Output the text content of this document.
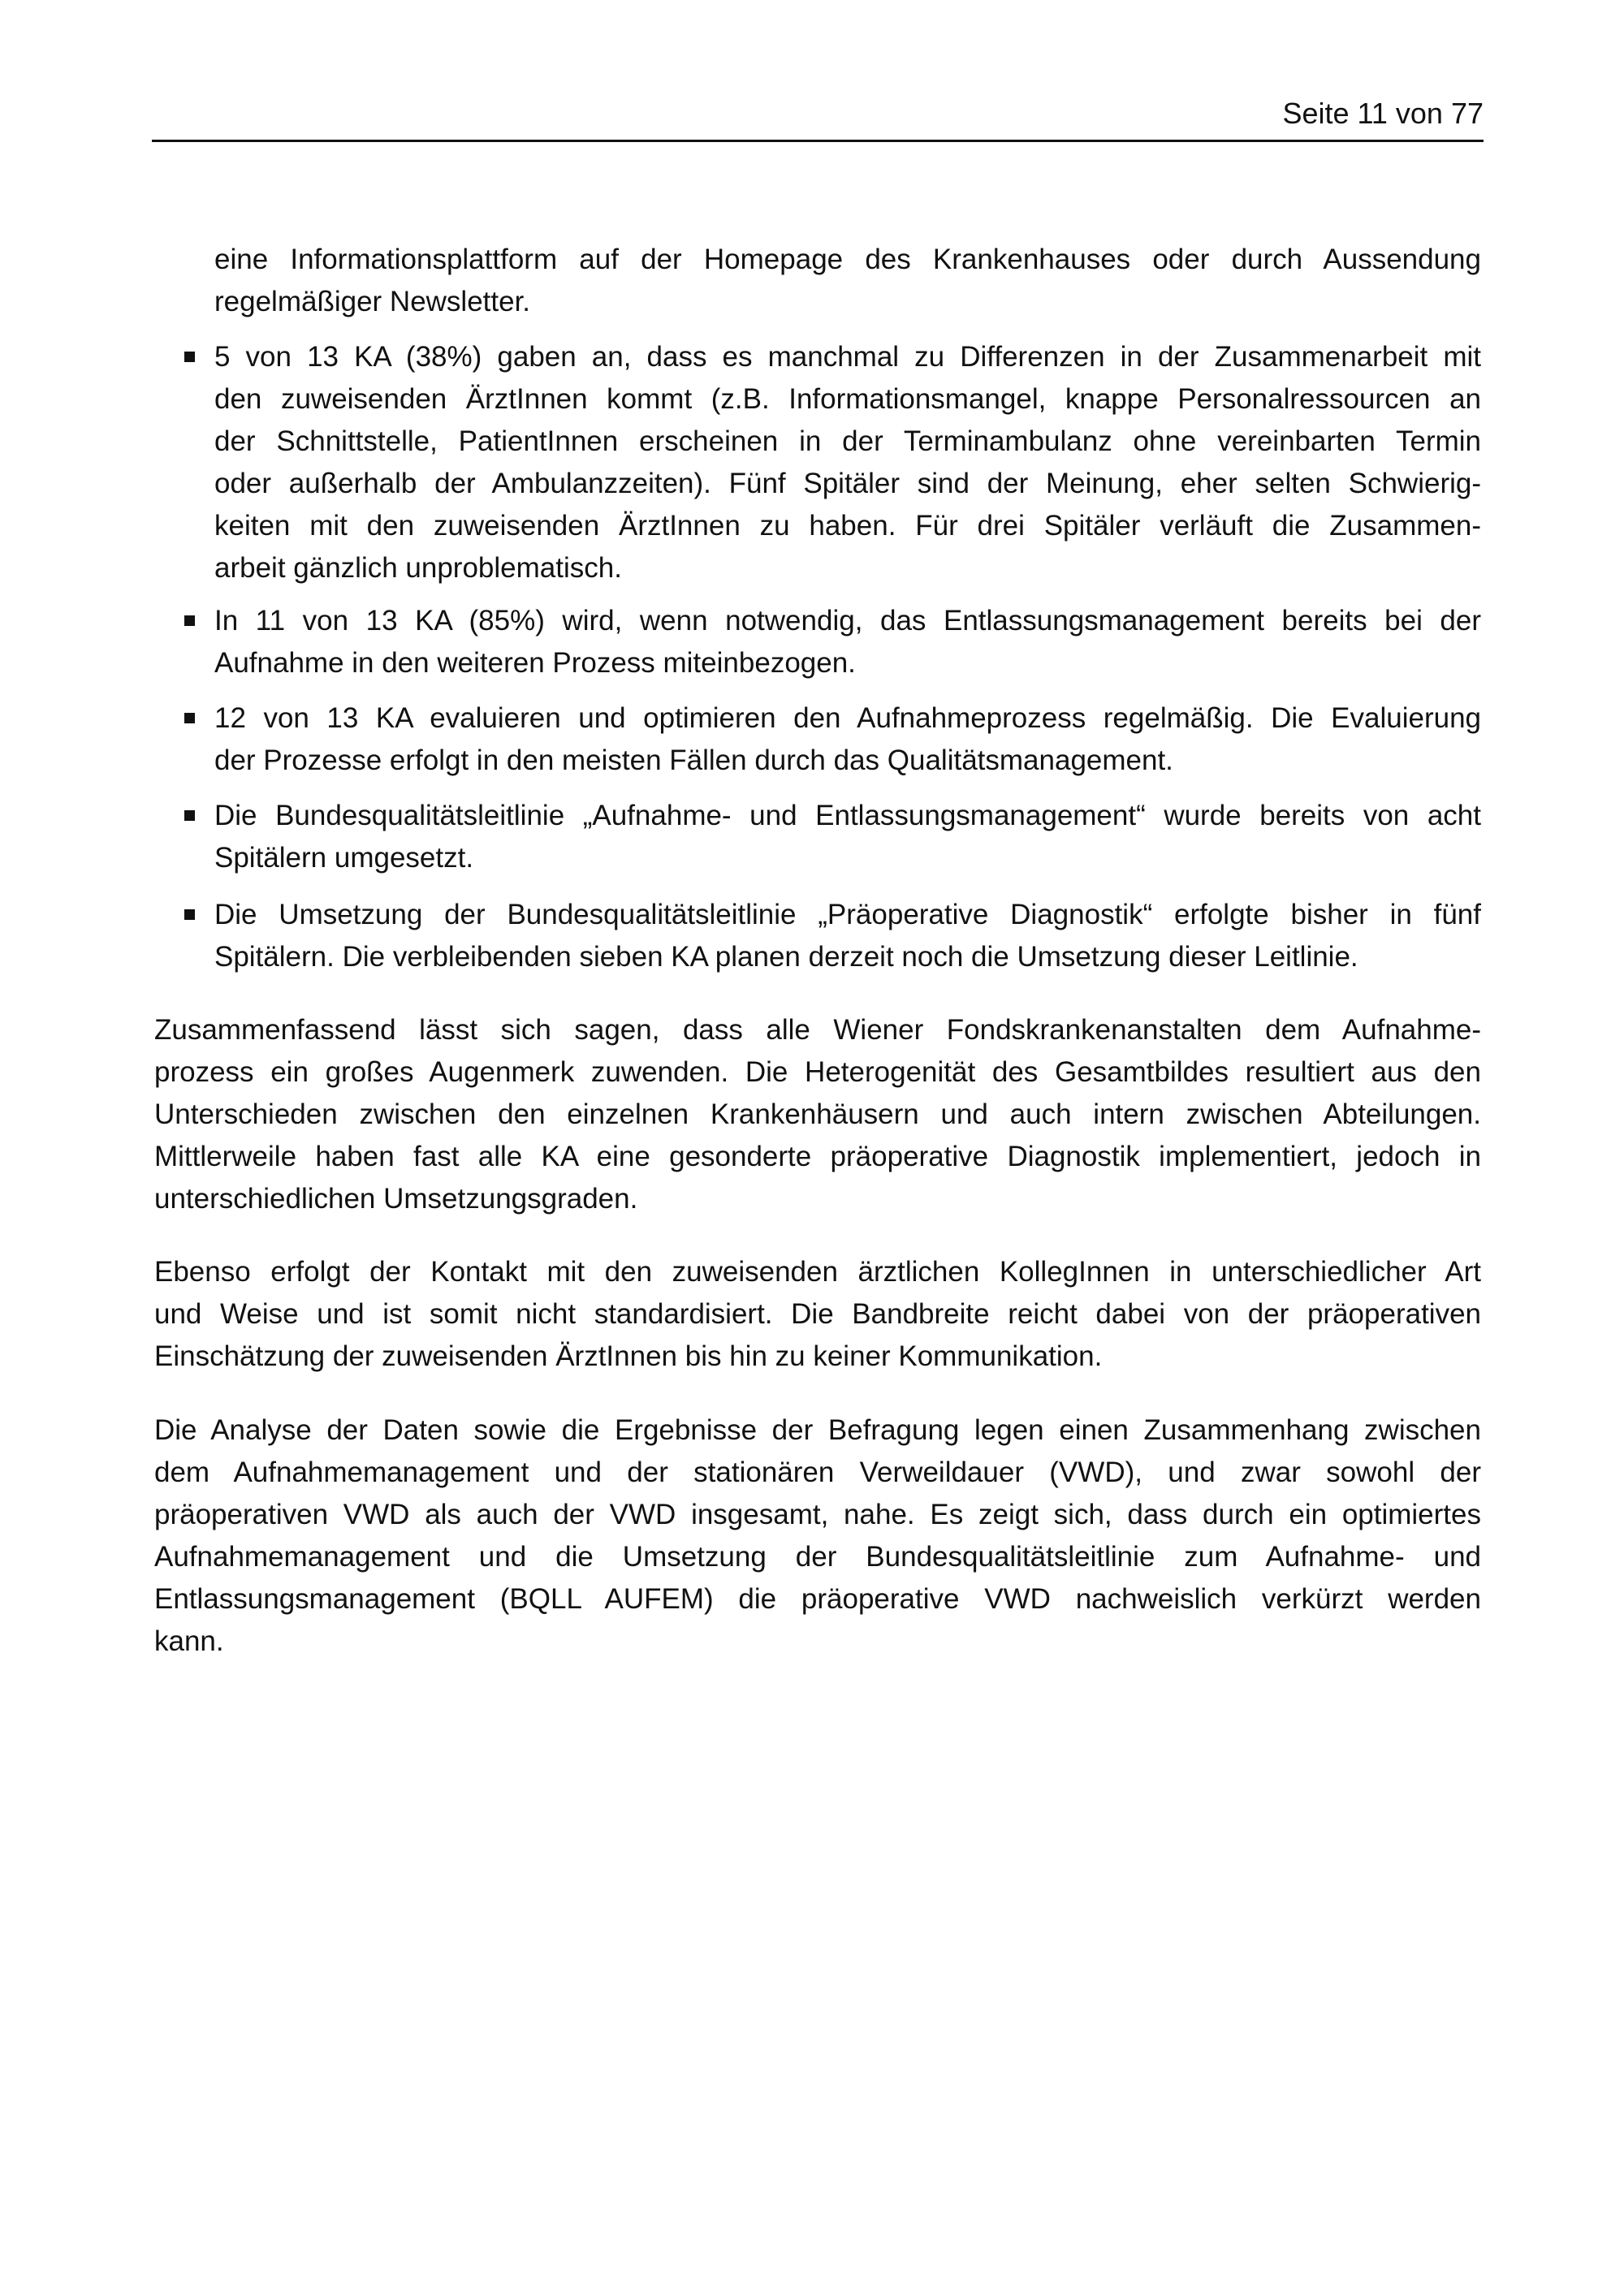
Seite 11 von 77
eine Informationsplattform auf der Homepage des Krankenhauses oder durch Aussendung
regelmäßiger Newsletter.
5 von 13 KA (38%) gaben an, dass es manchmal zu Differenzen in der Zusammenarbeit mit
den zuweisenden ÄrztInnen kommt (z.B. Informationsmangel, knappe Personalressourcen an
der Schnittstelle, PatientInnen erscheinen in der Terminambulanz ohne vereinbarten Termin
oder außerhalb der Ambulanzzeiten). Fünf Spitäler sind der Meinung, eher selten Schwierig-
keiten mit den zuweisenden ÄrztInnen zu haben. Für drei Spitäler verläuft die Zusammen-
arbeit gänzlich unproblematisch.
In 11 von 13 KA (85%) wird, wenn notwendig, das Entlassungsmanagement bereits bei der
Aufnahme in den weiteren Prozess miteinbezogen.
12 von 13 KA evaluieren und optimieren den Aufnahmeprozess regelmäßig. Die Evaluierung
der Prozesse erfolgt in den meisten Fällen durch das Qualitätsmanagement.
Die Bundesqualitätsleitlinie „Aufnahme- und Entlassungsmanagement“ wurde bereits von acht
Spitälern umgesetzt.
Die Umsetzung der Bundesqualitätsleitlinie „Präoperative Diagnostik“ erfolgte bisher in fünf
Spitälern. Die verbleibenden sieben KA planen derzeit noch die Umsetzung dieser Leitlinie.
Zusammenfassend lässt sich sagen, dass alle Wiener Fondskrankenanstalten dem Aufnahme-
prozess ein großes Augenmerk zuwenden. Die Heterogenität des Gesamtbildes resultiert aus den
Unterschieden zwischen den einzelnen Krankenhäusern und auch intern zwischen Abteilungen.
Mittlerweile haben fast alle KA eine gesonderte präoperative Diagnostik implementiert, jedoch in
unterschiedlichen Umsetzungsgraden.
Ebenso erfolgt der Kontakt mit den zuweisenden ärztlichen KollegInnen in unterschiedlicher Art
und Weise und ist somit nicht standardisiert. Die Bandbreite reicht dabei von der präoperativen
Einschätzung der zuweisenden ÄrztInnen bis hin zu keiner Kommunikation.
Die Analyse der Daten sowie die Ergebnisse der Befragung legen einen Zusammenhang zwischen
dem Aufnahmemanagement und der stationären Verweildauer (VWD), und zwar sowohl der
präoperativen VWD als auch der VWD insgesamt, nahe. Es zeigt sich, dass durch ein optimiertes
Aufnahmemanagement und die Umsetzung der Bundesqualitätsleitlinie zum Aufnahme- und
Entlassungsmanagement (BQLL AUFEM) die präoperative VWD nachweislich verkürzt werden
kann.
